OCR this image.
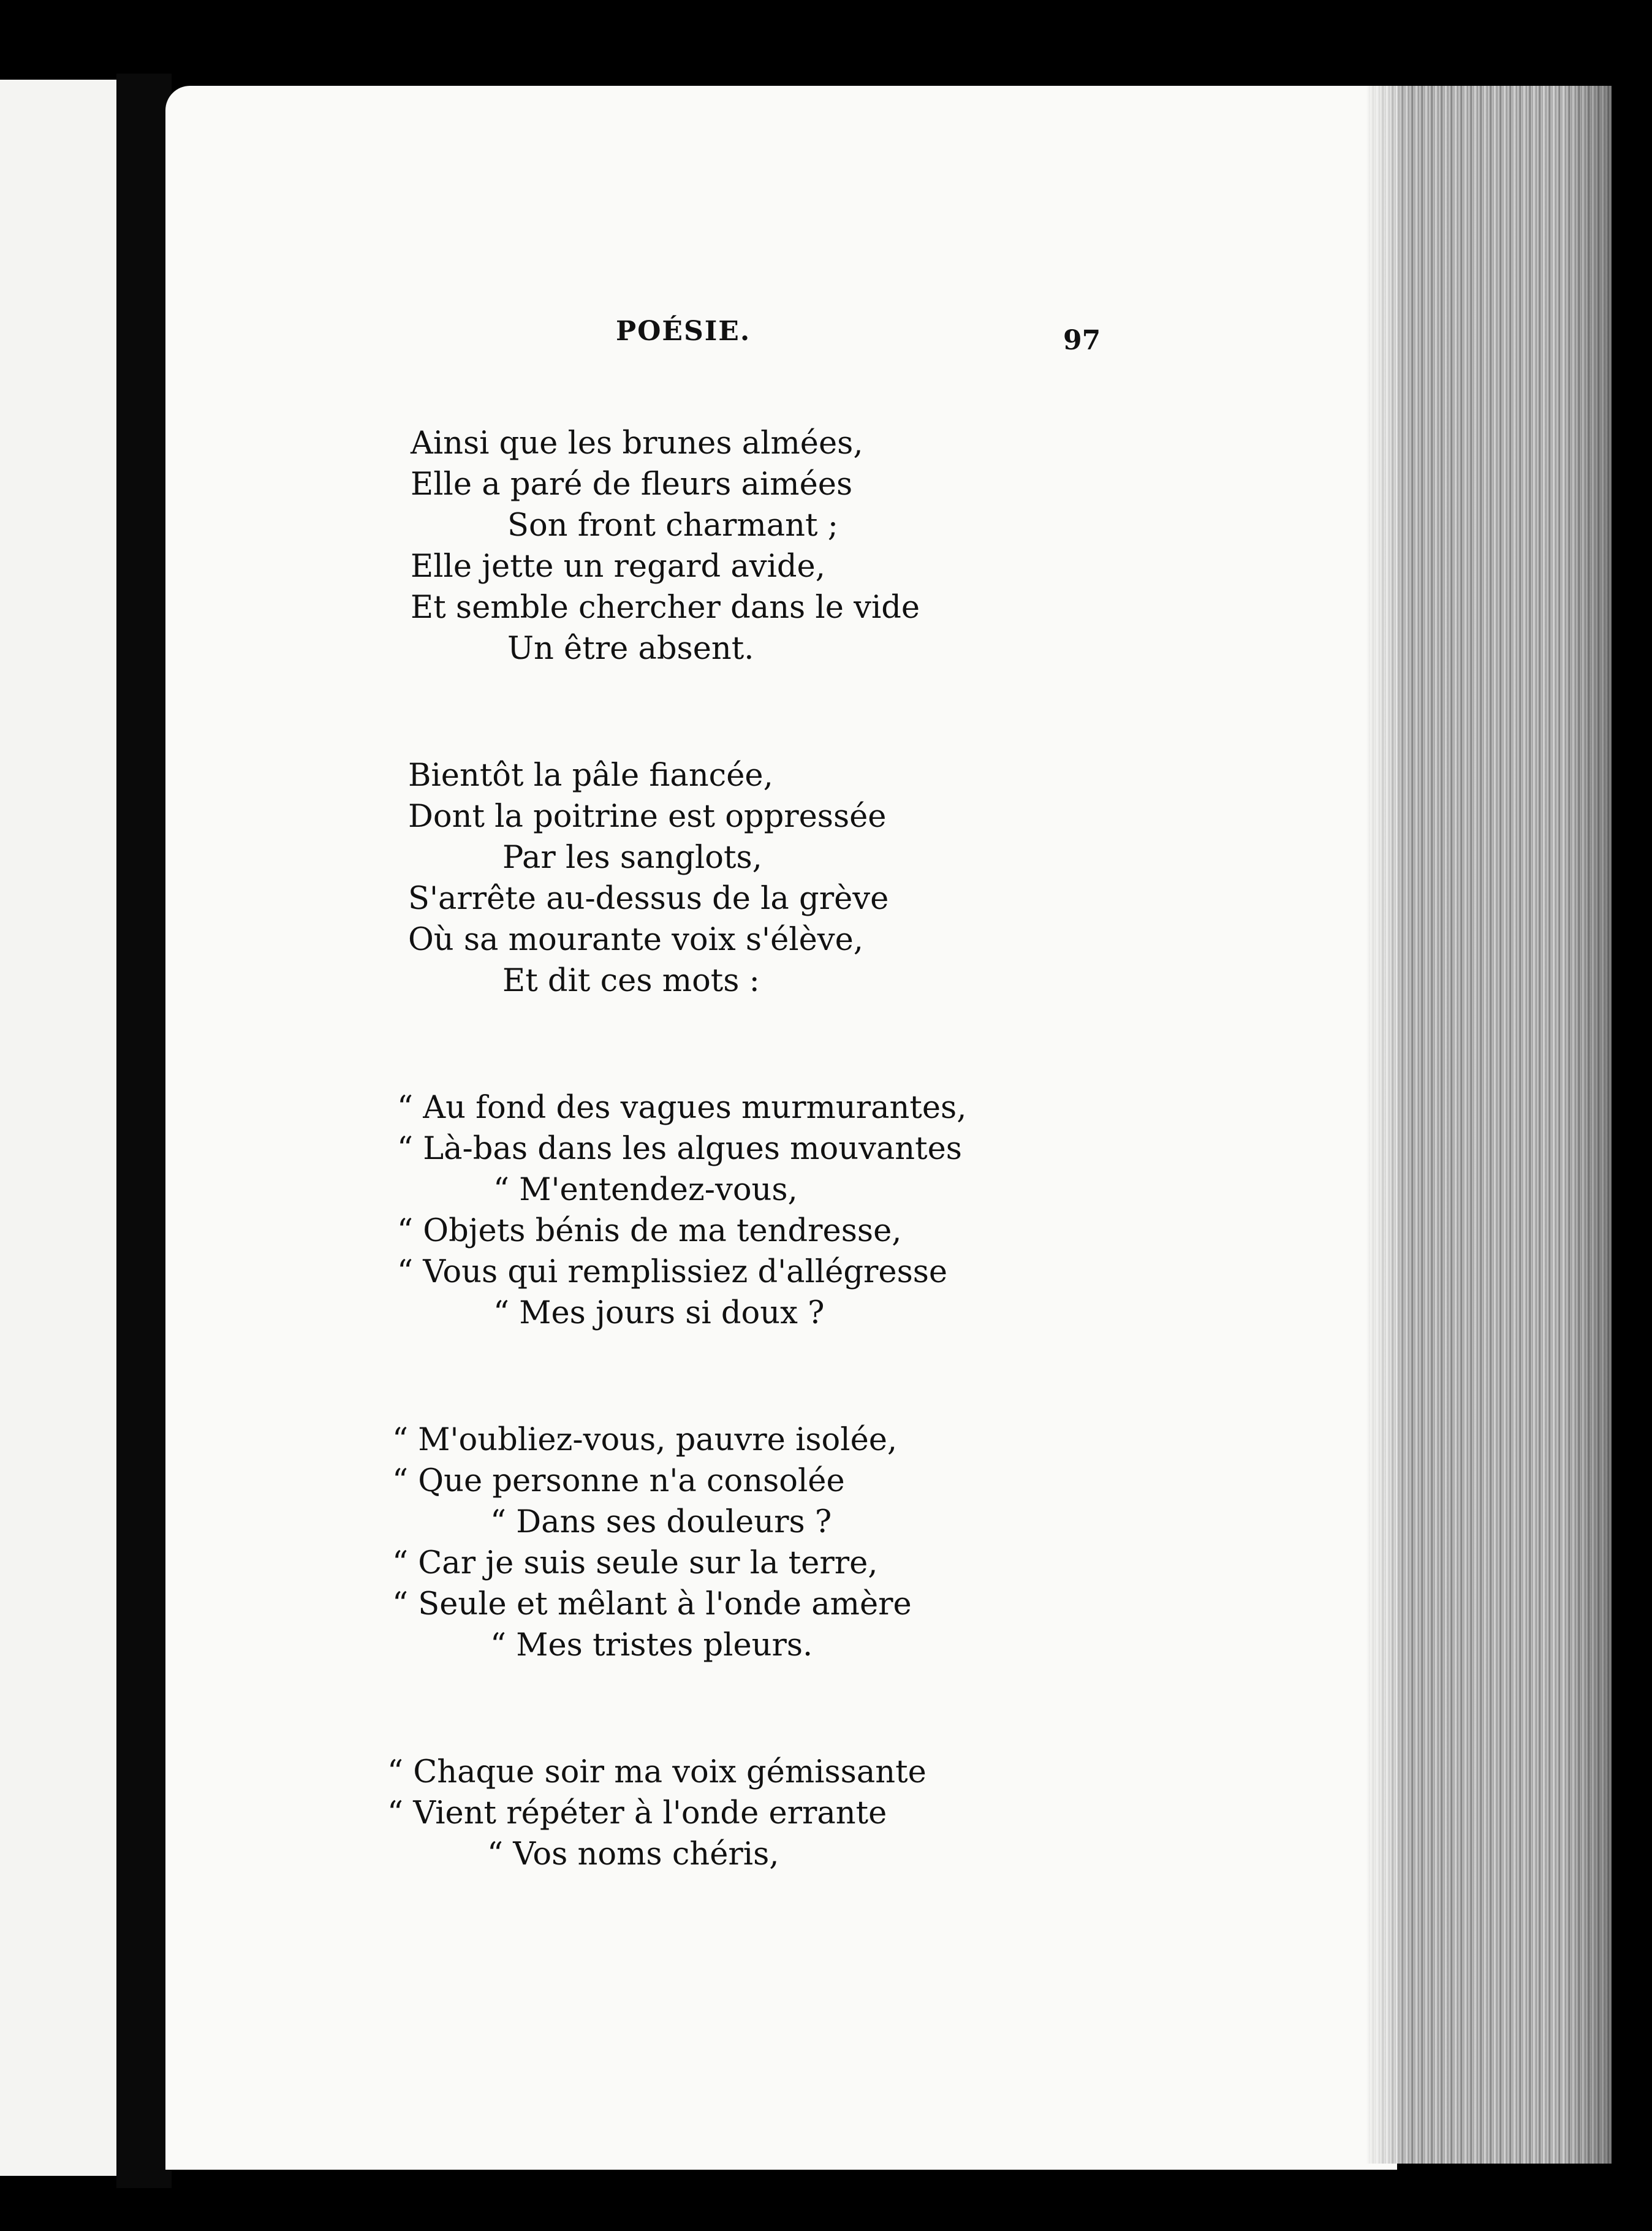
POÉSIE.	97
Ainsi que les brunes almées,
Elle a paré de fleurs aimées
Son front charmant ;
Elle jette un regard avide,
Et semble chercher dans le vide
Un être absent.
Bientôt la pâle fiancée,
Dont la poitrine est oppressée
Par les sanglots,
S'arrête au-dessus de la grève
Où sa mourante voix s'élève,
Et dit ces mots :
“ Au fond des vagues murmurantes,
“ Là-bas dans les algues mouvantes
“ M'entendez-vous,
“ Objets bénis de ma tendresse,
“ Vous qui remplissiez d'allégresse
“ Mes jours si doux ?
“ M'oubliez-vous, pauvre isolée,
“ Que personne n'a consolée
“ Dans ses douleurs ?
“ Car je suis seule sur la terre,
“ Seule et mêlant à l'onde amère
“ Mes tristes pleurs.
“ Chaque soir ma voix gémissante
“ Vient répéter à l'onde errante
“ Vos noms chéris,
